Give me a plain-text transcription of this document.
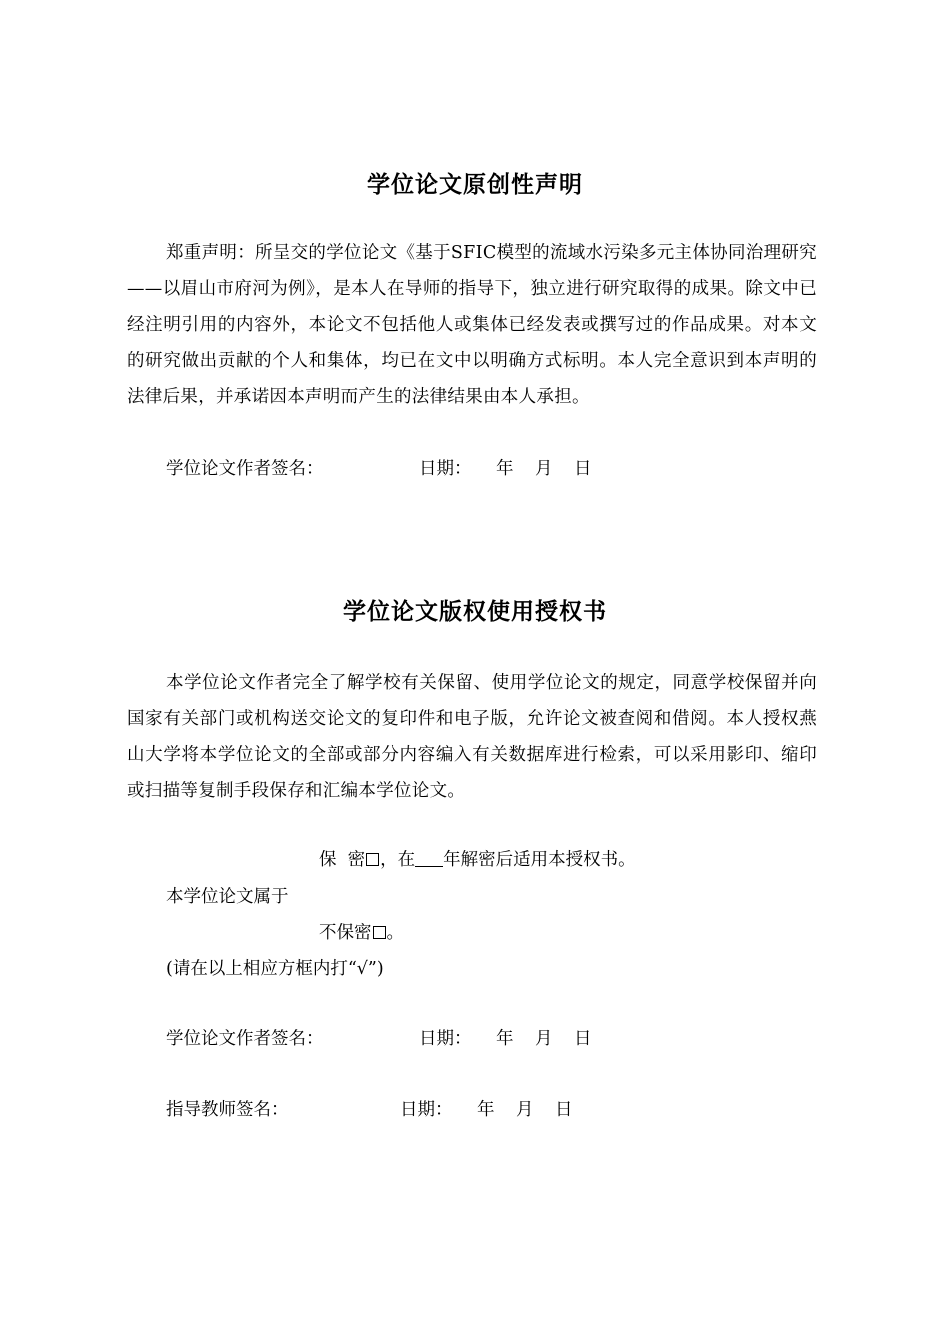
学位论文原创性声明
郑重声明：所呈交的学位论文《基于SFIC模型的流域水污染多元主体协同治理研究——以眉山市府河为例》，是本人在导师的指导下，独立进行研究取得的成果。除文中已经注明引用的内容外，本论文不包括他人或集体已经发表或撰写过的作品成果。对本文的研究做出贡献的个人和集体，均已在文中以明确方式标明。本人完全意识到本声明的法律后果，并承诺因本声明而产生的法律结果由本人承担。
学位论文作者签名：	日期： 年 月 日
学位论文版权使用授权书
本学位论文作者完全了解学校有关保留、使用学位论文的规定，同意学校保留并向国家有关部门或机构送交论文的复印件和电子版，允许论文被查阅和借阅。本人授权燕山大学将本学位论文的全部或部分内容编入有关数据库进行检索，可以采用影印、缩印或扫描等复制手段保存和汇编本学位论文。
保  密 ，在 年解密后适用本授权书。
本学位论文属于
不保密 。
(请在以上相应方框内打“√”)
学位论文作者签名：	日期： 年 月 日
指导教师签名：	日期： 年 月 日
